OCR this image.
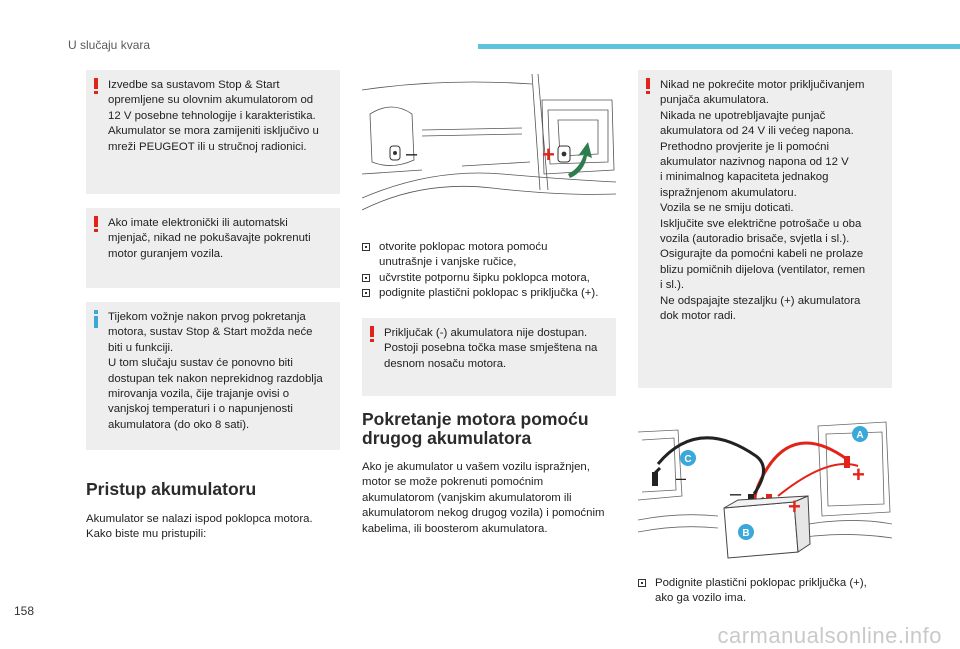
U slučaju kvara
Izvedbe sa sustavom Stop & Start
opremljene su olovnim akumulatorom od
12 V posebne tehnologije i karakteristika.
Akumulator se mora zamijeniti isključivo u
mreži PEUGEOT ili u stručnoj radionici.
Ako imate elektronički ili automatski
mjenjač, nikad ne pokušavajte pokrenuti
motor guranjem vozila.
Tijekom vožnje nakon prvog pokretanja
motora, sustav Stop & Start možda neće
biti u funkciji.
U tom slučaju sustav će ponovno biti
dostupan tek nakon neprekidnog razdoblja
mirovanja vozila, čije trajanje ovisi o
vanjskoj temperaturi i o napunjenosti
akumulatora (do oko 8 sati).
Pristup akumulatoru
Akumulator se nalazi ispod poklopca motora.
Kako biste mu pristupili:
–	+
otvorite poklopac motora pomoću
unutrašnje i vanjske ručice,
učvrstite potpornu šipku poklopca motora,
podignite plastični poklopac s priključka (+).
Priključak (-) akumulatora nije dostupan.
Postoji posebna točka mase smještena na
desnom nosaču motora.
Pokretanje motora pomoću
drugog akumulatora
Ako je akumulator u vašem vozilu ispražnjen,
motor se može pokrenuti pomoćnim
akumulatorom (vanjskim akumulatorom ili
akumulatorom nekog drugog vozila) i pomoćnim
kabelima, ili boosterom akumulatora.
Nikad ne pokrećite motor priključivanjem
punjača akumulatora.
Nikada ne upotrebljavajte punjač
akumulatora od 24 V ili većeg napona.
Prethodno provjerite je li pomoćni
akumulator nazivnog napona od 12 V
i minimalnog kapaciteta jednakog
ispražnjenom akumulatoru.
Vozila se ne smiju doticati.
Isključite sve električne potrošače u oba
vozila (autoradio brisače, svjetla i sl.).
Osigurajte da pomoćni kabeli ne prolaze
blizu pomičnih dijelova (ventilator, remen
i sl.).
Ne odspajajte stezaljku (+) akumulatora
dok motor radi.
– +
–	+
A
B
C
Podignite plastični poklopac priključka (+),
ako ga vozilo ima.
158
carmanualsonline.info
